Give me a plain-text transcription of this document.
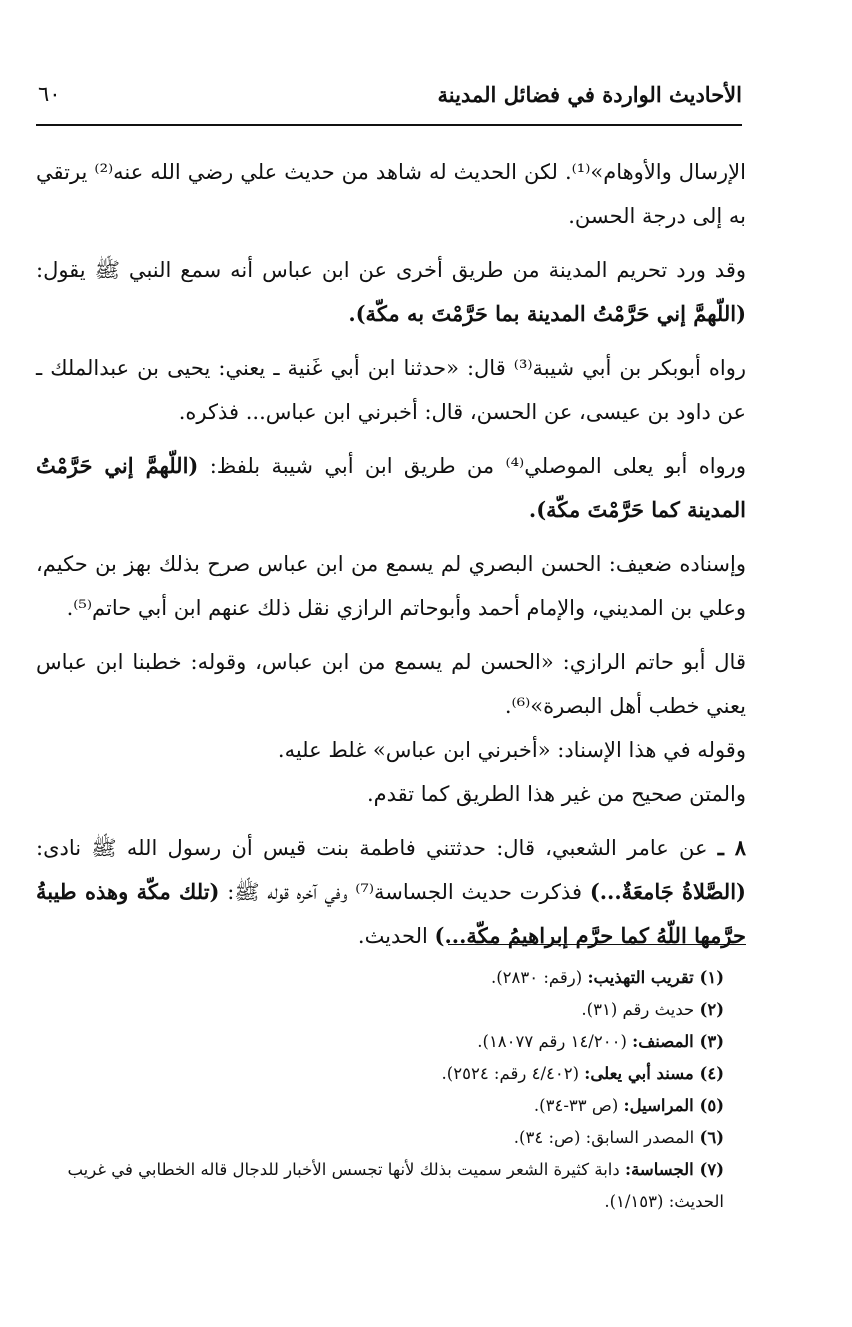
الأحاديث الواردة في فضائل المدينة
٦٠

الإرسال والأوهام»⁽¹⁾. لكن الحديث له شاهد من حديث علي رضي الله عنه⁽²⁾ يرتقي به إلى درجة الحسن.

وقد ورد تحريم المدينة من طريق أخرى عن ابن عباس أنه سمع النبي ﷺ يقول: (اللّهمَّ إني حَرَّمْتُ المدينة بما حَرَّمْتَ به مكّة).

رواه أبوبكر بن أبي شيبة⁽³⁾ قال: «حدثنا ابن أبي غَنية ـ يعني: يحيى بن عبدالملك ـ عن داود بن عيسى، عن الحسن، قال: أخبرني ابن عباس... فذكره.

ورواه أبو يعلى الموصلي⁽⁴⁾ من طريق ابن أبي شيبة بلفظ: (اللّهمَّ إني حَرَّمْتُ المدينة كما حَرَّمْتَ مكّة).

وإسناده ضعيف: الحسن البصري لم يسمع من ابن عباس صرح بذلك بهز بن حكيم، وعلي بن المديني، والإمام أحمد وأبوحاتم الرازي نقل ذلك عنهم ابن أبي حاتم⁽⁵⁾.

قال أبو حاتم الرازي: «الحسن لم يسمع من ابن عباس، وقوله: خطبنا ابن عباس يعني خطب أهل البصرة»⁽⁶⁾.

وقوله في هذا الإسناد: «أخبرني ابن عباس» غلط عليه.

والمتن صحيح من غير هذا الطريق كما تقدم.

٨ ـ عن عامر الشعبي، قال: حدثتني فاطمة بنت قيس أن رسول الله ﷺ نادى: (الصَّلاةُ جَامعَةٌ...) فذكرت حديث الجساسة⁽⁷⁾ وفي آخره قوله ﷺ: (تلك مكّة وهذه طيبةُ حرَّمها اللّهُ كما حرَّم إبراهيمُ مكّة...) الحديث.

(١) تقريب التهذيب: (رقم: ٢٨٣٠).

(٢) حديث رقم (٣١).

(٣) المصنف: (١٤/٢٠٠ رقم ١٨٠٧٧).

(٤) مسند أبي يعلى: (٤/٤٠٢ رقم: ٢٥٢٤).

(٥) المراسيل: (ص ٣٣-٣٤).

(٦) المصدر السابق: (ص: ٣٤).

(٧) الجساسة: دابة كثيرة الشعر سميت بذلك لأنها تجسس الأخبار للدجال قاله الخطابي في غريب الحديث: (١/١٥٣).
